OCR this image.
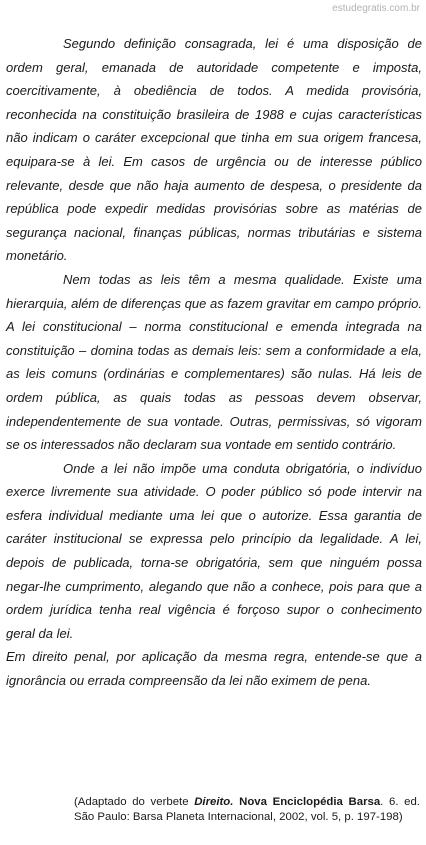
estudegratis.com.br

Segundo definição consagrada, lei é uma disposição de ordem geral, emanada de autoridade competente e imposta, coercitivamente, à obediência de todos. A medida provisória, reconhecida na constituição brasileira de 1988 e cujas características não indicam o caráter excepcional que tinha em sua origem francesa, equipara-se à lei. Em casos de urgência ou de interesse público relevante, desde que não haja aumento de despesa, o presidente da república pode expedir medidas provisórias sobre as matérias de segurança nacional, finanças públicas, normas tributárias e sistema monetário.

Nem todas as leis têm a mesma qualidade. Existe uma hierarquia, além de diferenças que as fazem gravitar em campo próprio. A lei constitucional – norma constitucional e emenda integrada na constituição – domina todas as demais leis: sem a conformidade a ela, as leis comuns (ordinárias e complementares) são nulas. Há leis de ordem pública, as quais todas as pessoas devem observar, independentemente de sua vontade. Outras, permissivas, só vigoram se os interessados não declaram sua vontade em sentido contrário.

Onde a lei não impõe uma conduta obrigatória, o indivíduo exerce livremente sua atividade. O poder público só pode intervir na esfera individual mediante uma lei que o autorize. Essa garantia de caráter institucional se expressa pelo princípio da legalidade. A lei, depois de publicada, torna-se obrigatória, sem que ninguém possa negar-lhe cumprimento, alegando que não a conhece, pois para que a ordem jurídica tenha real vigência é forçoso supor o conhecimento geral da lei.

Em direito penal, por aplicação da mesma regra, entende-se que a ignorância ou errada compreensão da lei não eximem de pena.

(Adaptado do verbete Direito. Nova Enciclopédia Barsa. 6. ed. São Paulo: Barsa Planeta Internacional, 2002, vol. 5, p. 197-198)
